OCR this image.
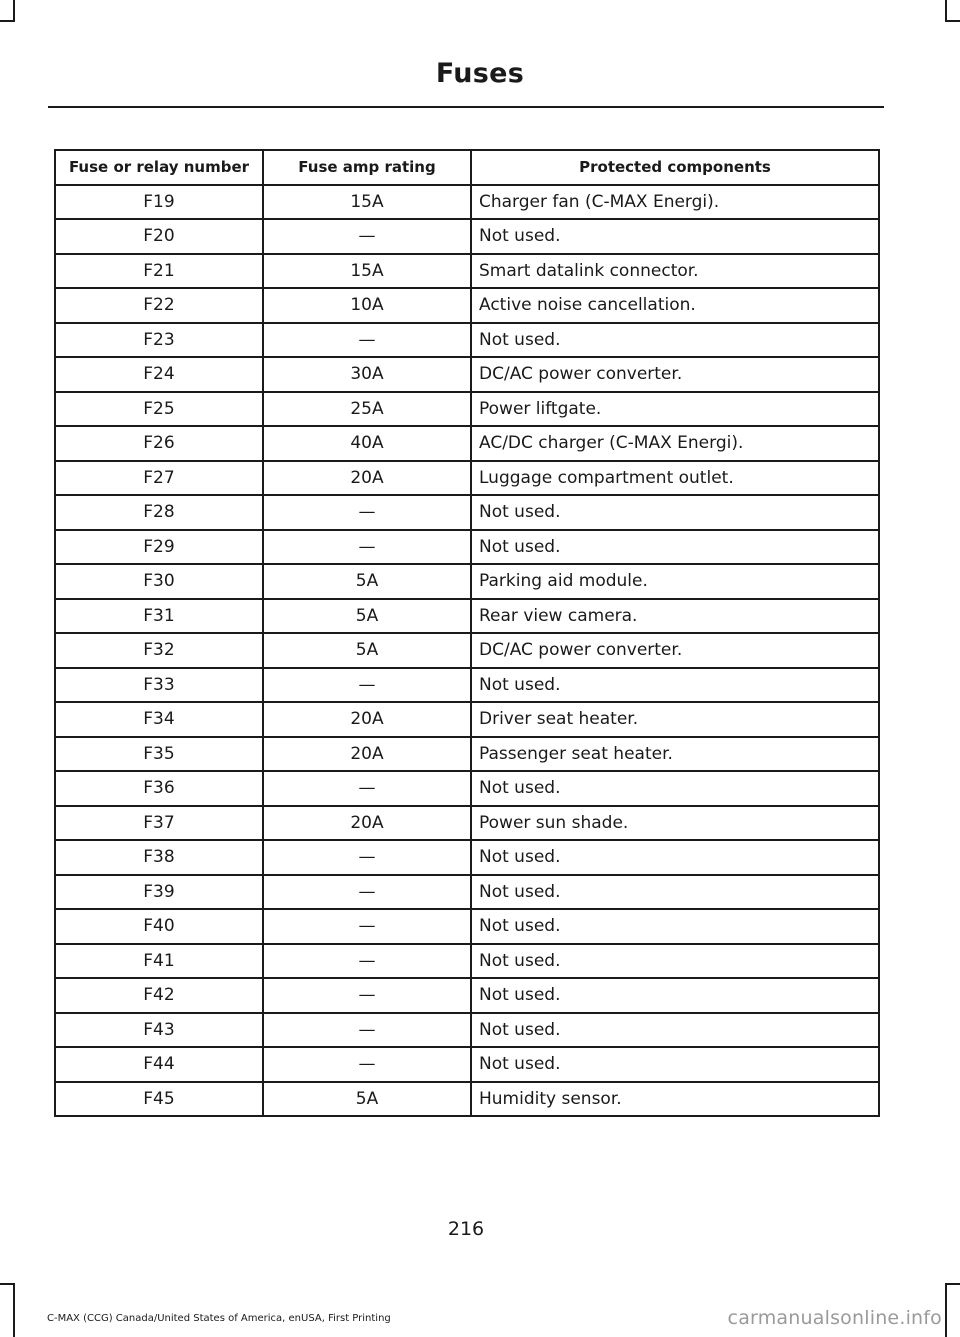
Fuses
Fuse or relay number	Fuse amp rating	Protected components
F19	15A	Charger fan (C-MAX Energi).
F20	—	Not used.
F21	15A	Smart datalink connector.
F22	10A	Active noise cancellation.
F23	—	Not used.
F24	30A	DC/AC power converter.
F25	25A	Power liftgate.
F26	40A	AC/DC charger (C-MAX Energi).
F27	20A	Luggage compartment outlet.
F28	—	Not used.
F29	—	Not used.
F30	5A	Parking aid module.
F31	5A	Rear view camera.
F32	5A	DC/AC power converter.
F33	—	Not used.
F34	20A	Driver seat heater.
F35	20A	Passenger seat heater.
F36	—	Not used.
F37	20A	Power sun shade.
F38	—	Not used.
F39	—	Not used.
F40	—	Not used.
F41	—	Not used.
F42	—	Not used.
F43	—	Not used.
F44	—	Not used.
F45	5A	Humidity sensor.
216
C-MAX (CCG) Canada/United States of America, enUSA, First Printing	carmanualsonline.info
